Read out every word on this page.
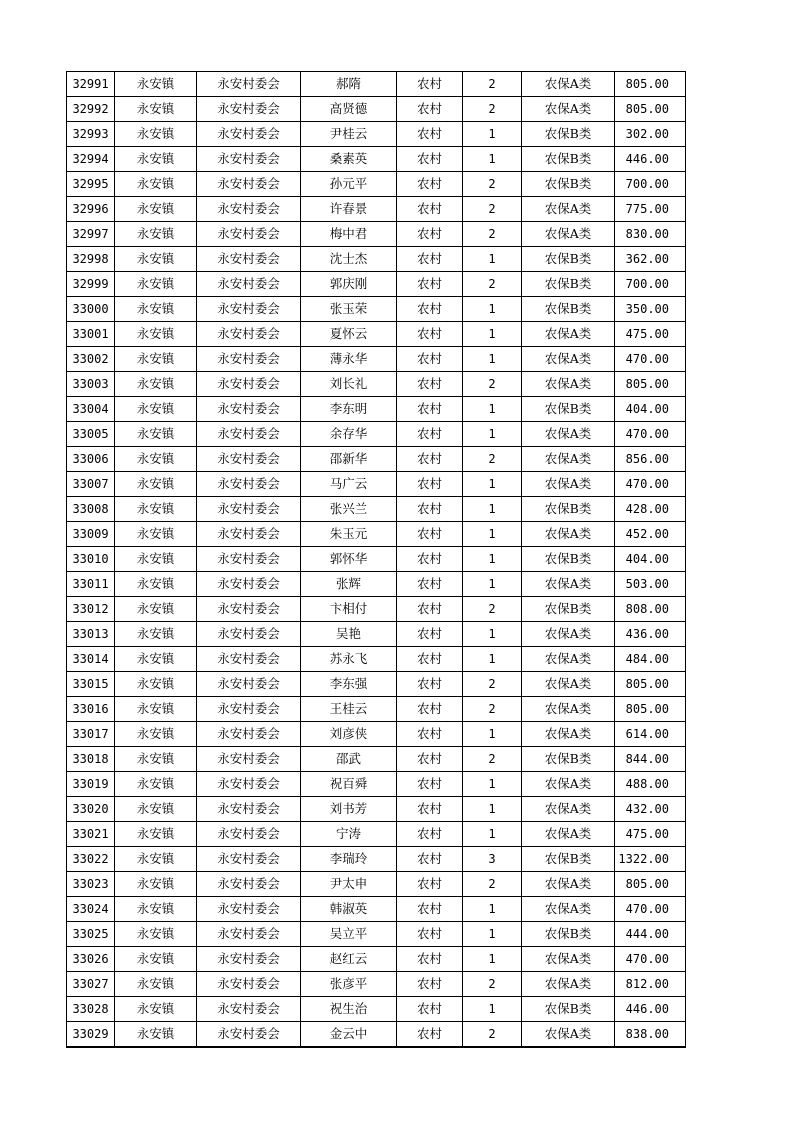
32991	永安镇	永安村委会	郝隋	农村	2	农保A类	805.00
32992	永安镇	永安村委会	高贤德	农村	2	农保A类	805.00
32993	永安镇	永安村委会	尹桂云	农村	1	农保B类	302.00
32994	永安镇	永安村委会	桑素英	农村	1	农保B类	446.00
32995	永安镇	永安村委会	孙元平	农村	2	农保B类	700.00
32996	永安镇	永安村委会	许春景	农村	2	农保A类	775.00
32997	永安镇	永安村委会	梅中君	农村	2	农保A类	830.00
32998	永安镇	永安村委会	沈士杰	农村	1	农保B类	362.00
32999	永安镇	永安村委会	郭庆刚	农村	2	农保B类	700.00
33000	永安镇	永安村委会	张玉荣	农村	1	农保B类	350.00
33001	永安镇	永安村委会	夏怀云	农村	1	农保A类	475.00
33002	永安镇	永安村委会	薄永华	农村	1	农保A类	470.00
33003	永安镇	永安村委会	刘长礼	农村	2	农保A类	805.00
33004	永安镇	永安村委会	李东明	农村	1	农保B类	404.00
33005	永安镇	永安村委会	余存华	农村	1	农保A类	470.00
33006	永安镇	永安村委会	邵新华	农村	2	农保A类	856.00
33007	永安镇	永安村委会	马广云	农村	1	农保A类	470.00
33008	永安镇	永安村委会	张兴兰	农村	1	农保B类	428.00
33009	永安镇	永安村委会	朱玉元	农村	1	农保A类	452.00
33010	永安镇	永安村委会	郭怀华	农村	1	农保B类	404.00
33011	永安镇	永安村委会	张辉	农村	1	农保A类	503.00
33012	永安镇	永安村委会	卞相付	农村	2	农保B类	808.00
33013	永安镇	永安村委会	吴艳	农村	1	农保A类	436.00
33014	永安镇	永安村委会	苏永飞	农村	1	农保A类	484.00
33015	永安镇	永安村委会	李东强	农村	2	农保A类	805.00
33016	永安镇	永安村委会	王桂云	农村	2	农保A类	805.00
33017	永安镇	永安村委会	刘彦侠	农村	1	农保A类	614.00
33018	永安镇	永安村委会	邵武	农村	2	农保B类	844.00
33019	永安镇	永安村委会	祝百舜	农村	1	农保A类	488.00
33020	永安镇	永安村委会	刘书芳	农村	1	农保A类	432.00
33021	永安镇	永安村委会	宁涛	农村	1	农保A类	475.00
33022	永安镇	永安村委会	李瑞玲	农村	3	农保B类	1322.00
33023	永安镇	永安村委会	尹太申	农村	2	农保A类	805.00
33024	永安镇	永安村委会	韩淑英	农村	1	农保A类	470.00
33025	永安镇	永安村委会	吴立平	农村	1	农保B类	444.00
33026	永安镇	永安村委会	赵红云	农村	1	农保A类	470.00
33027	永安镇	永安村委会	张彦平	农村	2	农保A类	812.00
33028	永安镇	永安村委会	祝生治	农村	1	农保B类	446.00
33029	永安镇	永安村委会	金云中	农村	2	农保A类	838.00
